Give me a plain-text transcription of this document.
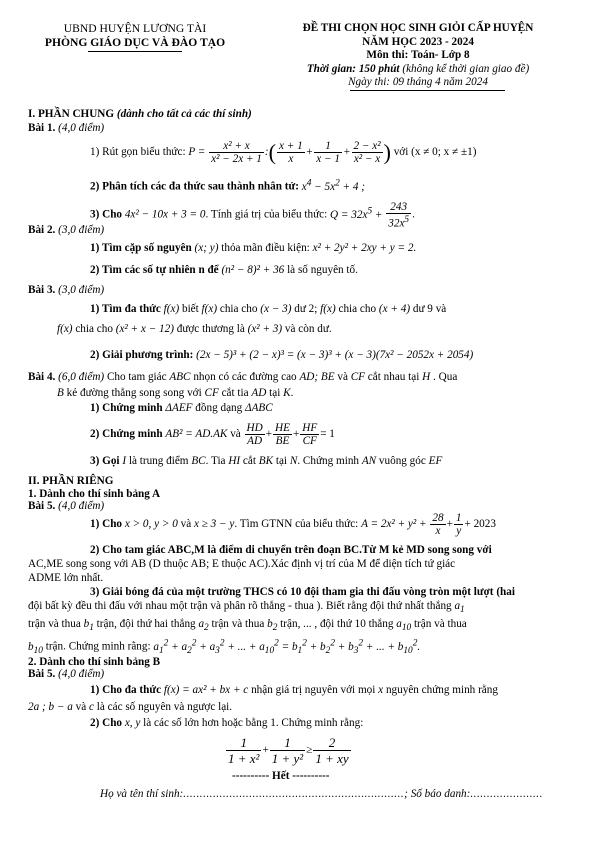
UBND HUYỆN LƯƠNG TÀI
PHÒNG GIÁO DỤC VÀ ĐÀO TẠO
ĐỀ THI CHỌN HỌC SINH GIỎI CẤP HUYỆN
NĂM HỌC 2023 - 2024
Môn thi: Toán- Lớp 8
Thời gian: 150 phút (không kể thời gian giao đề)
Ngày thi: 09 tháng 4 năm 2024
I. PHẦN CHUNG (dành cho tất cả các thí sinh)
Bài 1. (4,0 điểm)
1) Rút gọn biểu thức: $P = \frac{\text{x² + x}}{\text{x² − 2x + 1}}$ :( $\frac{x + 1}{x} + \frac{1}{x - 1} + \frac{\text{2 − x²}}{\text{x² − x}}$ ) với (x ≠ 0; x ≠ ±1)
2) Phân tích các đa thức sau thành nhân tử: $x^4 - 5x^2 + 4$ ;
3) Cho 4x² − 10x + 3 = 0. Tính giá trị của biểu thức: $Q = 32x^5 + \frac{243}{32x^5}$ .
Bài 2. (3,0 điểm)
1) Tìm cặp số nguyên (x; y) thỏa mãn điều kiện: x² + 2y² + 2xy + y = 2.
2) Tìm các số tự nhiên n để (n² − 8)² + 36 là số nguyên tố.
Bài 3. (3,0 điểm)
1) Tìm đa thức f(x) biết f(x) chia cho (x − 3) dư 2; f(x) chia cho (x + 4) dư 9 và
f(x) chia cho (x² + x − 12) được thương là (x² + 3) và còn dư.
2) Giải phương trình: (2x − 5)³ + (2 − x)³ = (x − 3)³ + (x − 3)(7x² − 2052x + 2054)
Bài 4. (6,0 điểm) Cho tam giác ABC nhọn có các đường cao AD; BE và CF cắt nhau tại H . Qua
B kẻ đường thẳng song song với CF cắt tia AD tại K.
1) Chứng minh ΔAEF đồng dạng ΔABC
2) Chứng minh AB² = AD.AK và $\frac{HD}{AD} + \frac{HE}{BE} + \frac{HF}{CF} = 1$
3) Gọi I là trung điểm BC. Tia HI cắt BK tại N. Chứng minh AN vuông góc EF
II. PHẦN RIÊNG
1. Dành cho thí sinh bảng A
Bài 5. (4,0 điểm)
1) Cho x > 0, y > 0 và x ≥ 3 − y. Tìm GTNN của biểu thức: $A = 2x^2 + y^2 + \frac{28}{x} + \frac{1}{y} + 2023$
2) Cho tam giác ABC,M là điểm di chuyển trên đoạn BC.Từ M kẻ MD song song với
AC,ME song song với AB (D thuộc AB; E thuộc AC).Xác định vị trí của M để diện tích tứ giác
ADME lớn nhất.
3) Giải bóng đá của một trường THCS có 10 đội tham gia thi đấu vòng tròn một lượt (hai
đội bất kỳ đều thi đấu với nhau một trận và phân rõ thắng - thua ). Biết rằng đội thứ nhất thắng $a_1$
trận và thua $b_1$ trận, đội thứ hai thắng $a_2$ trận và thua $b_2$ trận, ... , đội thứ 10 thắng $a_{10}$ trận và thua
$b_{10}$ trận. Chứng minh rằng: $a_1^2 + a_2^2 + a_3^2$ + ... + $a_{10}^2 = b_1^2 + b_2^2 + b_3^2$ + ... + $b_{10}^2$.
2. Dành cho thí sinh bảng B
Bài 5. (4,0 điểm)
1) Cho đa thức f(x) = ax² + bx + c nhận giá trị nguyên với mọi x nguyên chứng minh rằng
2a ; b − a và c là các số nguyên và ngược lại.
2) Cho x, y là các số lớn hơn hoặc bằng 1. Chứng minh rằng:
$\frac{1}{\text{1 + x²}} + \frac{1}{\text{1 + y²}} \ge \frac{2}{1 + xy}$
---------- Hết ----------
Họ và tên thí sinh:...................................................................; Số báo danh:......................
